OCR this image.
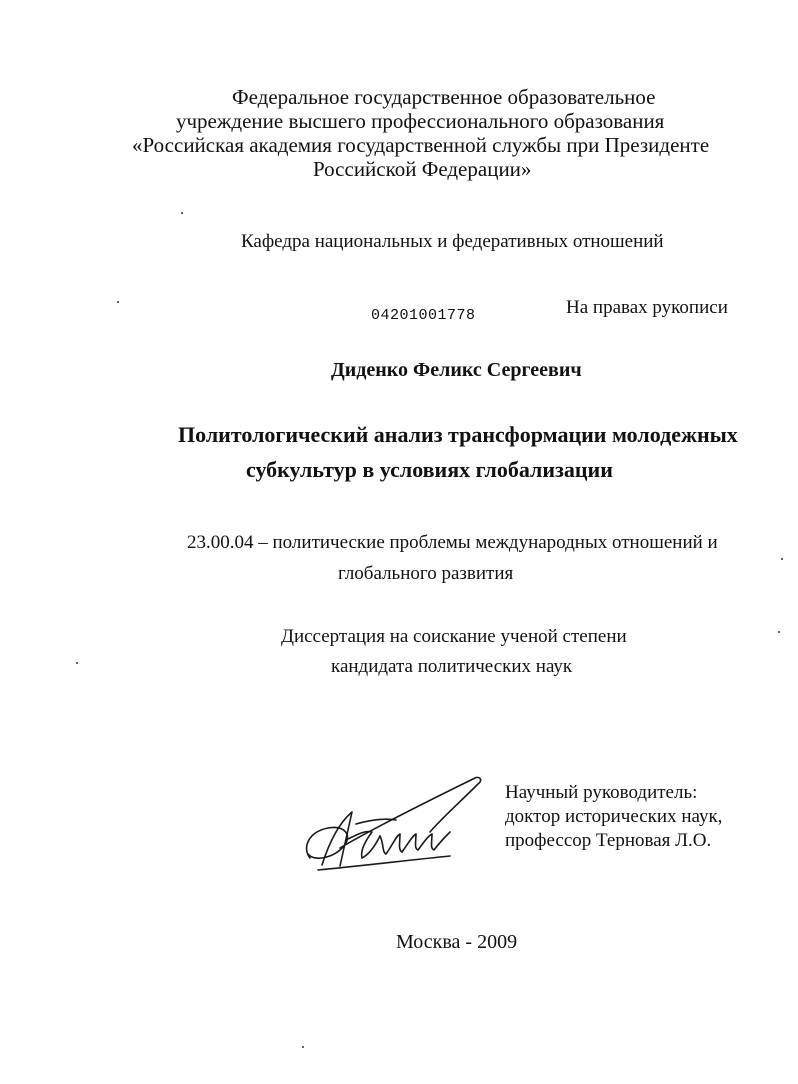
Федеральное государственное образовательное
учреждение высшего профессионального образования
«Российская академия государственной службы при Президенте
Российской Федерации»
Кафедра национальных и федеративных отношений
04201001778	На правах рукописи
Диденко Феликс Сергеевич
Политологический анализ трансформации молодежных
субкультур в условиях глобализации
23.00.04 – политические проблемы международных отношений и
глобального развития
Диссертация на соискание ученой степени
кандидата политических наук
Научный руководитель:
доктор исторических наук,
профессор Терновая Л.О.
Москва - 2009
